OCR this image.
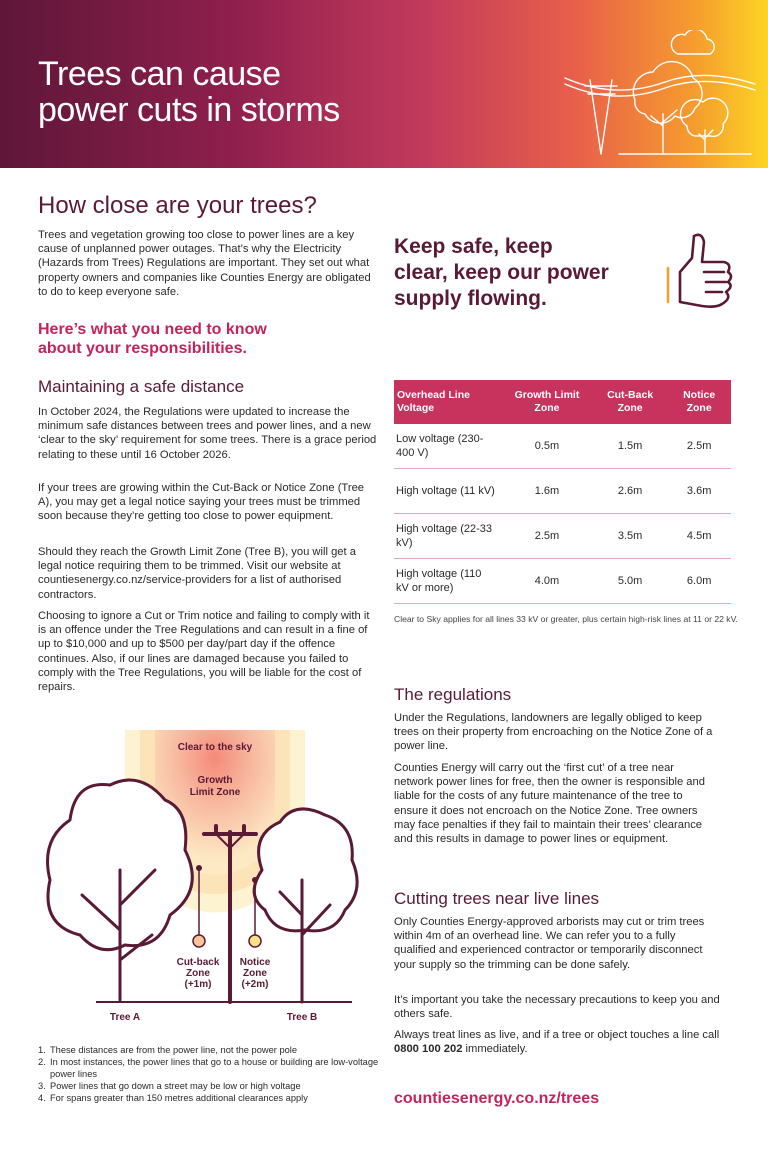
Trees can cause
power cuts in storms
How close are your trees?

Trees and vegetation growing too close to power lines are a key cause of unplanned power outages. That’s why the Electricity (Hazards from Trees) Regulations are important. They set out what property owners and companies like Counties Energy are obligated to do to keep everyone safe.

Here’s what you need to know
about your responsibilities.

Keep safe, keep
clear, keep our power
supply flowing.

Maintaining a safe distance

In October 2024, the Regulations were updated to increase the minimum safe distances between trees and power lines, and a new ‘clear to the sky’ requirement for some trees. There is a grace period relating to these until 16 October 2026.

If your trees are growing within the Cut-Back or Notice Zone (Tree A), you may get a legal notice saying your trees must be trimmed soon because they’re getting too close to power equipment.

Should they reach the Growth Limit Zone (Tree B), you will get a legal notice requiring them to be trimmed. Visit our website at countiesenergy.co.nz/service-providers for a list of authorised contractors.

Choosing to ignore a Cut or Trim notice and failing to comply with it is an offence under the Tree Regulations and can result in a fine of up to $10,000 and up to $500 per day/part day if the offence continues. Also, if our lines are damaged because you failed to comply with the Tree Regulations, you will be liable for the cost of repairs.

Overhead Line Voltage	Growth Limit Zone	Cut-Back Zone	Notice Zone
Low voltage (230-400 V)	0.5m	1.5m	2.5m
High voltage (11 kV)	1.6m	2.6m	3.6m
High voltage (22-33 kV)	2.5m	3.5m	4.5m
High voltage (110 kV or more)	4.0m	5.0m	6.0m

Clear to Sky applies for all lines 33 kV or greater, plus certain high-risk lines at 11 or 22 kV.

The regulations

Under the Regulations, landowners are legally obliged to keep trees on their property from encroaching on the Notice Zone of a power line.

Counties Energy will carry out the ‘first cut’ of a tree near network power lines for free, then the owner is responsible and liable for the costs of any future maintenance of the tree to ensure it does not encroach on the Notice Zone. Tree owners may face penalties if they fail to maintain their trees’ clearance and this results in damage to power lines or equipment.

Cutting trees near live lines

Only Counties Energy-approved arborists may cut or trim trees within 4m of an overhead line. We can refer you to a fully qualified and experienced contractor or temporarily disconnect your supply so the trimming can be done safely.

It’s important you take the necessary precautions to keep you and others safe.

Always treat lines as live, and if a tree or object touches a line call 0800 100 202 immediately.

Clear to the sky
Growth
Limit Zone
Cut-back
Zone
(+1m)
Notice
Zone
(+2m)
Tree A	Tree B
1. These distances are from the power line, not the power pole
2. In most instances, the power lines that go to a house or building are low-voltage power lines
3. Power lines that go down a street may be low or high voltage
4. For spans greater than 150 metres additional clearances apply	countiesenergy.co.nz/trees
